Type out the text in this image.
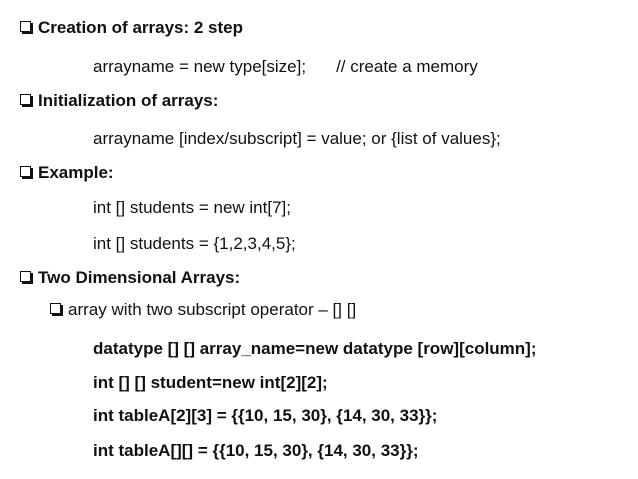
Creation of arrays: 2 step
arrayname = new type[size]; // create a memory
Initialization of arrays:
arrayname [index/subscript] = value; or {list of values};
Example:
int [] students = new int[7];
int [] students = {1,2,3,4,5};
Two Dimensional Arrays:
array with two subscript operator – [] []
datatype [] [] array_name=new datatype [row][column];
int [] [] student=new int[2][2];
int tableA[2][3] = {{10, 15, 30}, {14, 30, 33}};
int tableA[][] = {{10, 15, 30}, {14, 30, 33}};
